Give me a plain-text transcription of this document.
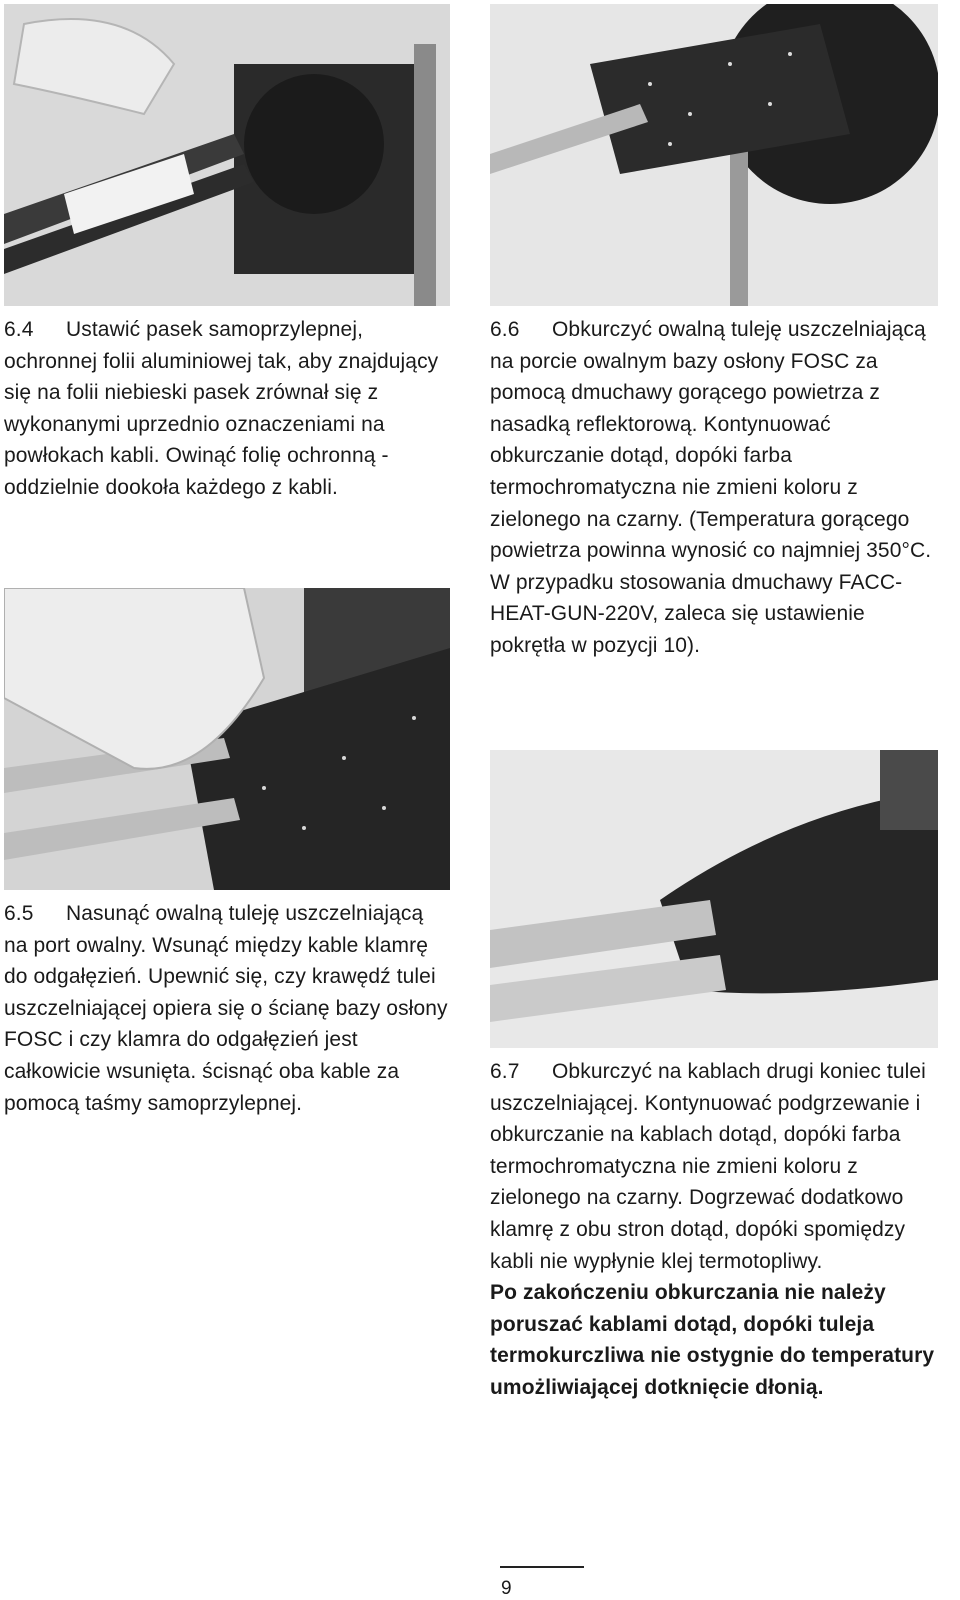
6.4 Ustawić pasek samoprzylepnej, ochronnej folii aluminiowej tak, aby znajdujący się na folii niebieski pasek zrównał się z wykonanymi uprzednio oznaczeniami na powłokach kabli. Owinąć folię ochronną - oddzielnie dookoła każdego z kabli.

6.6 Obkurczyć owalną tuleję uszczelniającą na porcie owalnym bazy osłony FOSC za pomocą dmuchawy gorącego powietrza z nasadką reflektorową. Kontynuować obkurczanie dotąd, dopóki farba termochromatyczna nie zmieni koloru z zielonego na czarny. (Temperatura gorącego powietrza powinna wynosić co najmniej 350°C. W przypadku stosowania dmuchawy FACC-HEAT-GUN-220V, zaleca się ustawienie pokrętła w pozycji 10).

6.5 Nasunąć owalną tuleję uszczelniającą na port owalny. Wsunąć między kable klamrę do odgałęzień. Upewnić się, czy krawędź tulei uszczelniającej opiera się o ścianę bazy osłony FOSC i czy klamra do odgałęzień jest całkowicie wsunięta. ścisnąć oba kable za pomocą taśmy samoprzylepnej.

6.7 Obkurczyć na kablach drugi koniec tulei uszczelniającej. Kontynuować podgrzewanie i obkurczanie na kablach dotąd, dopóki farba termochromatyczna nie zmieni koloru z zielonego na czarny. Dogrzewać dodatkowo klamrę z obu stron dotąd, dopóki spomiędzy kabli nie wypłynie klej termotopliwy.
Po zakończeniu obkurczania nie należy poruszać kablami dotąd, dopóki tuleja termokurczliwa nie ostygnie do temperatury umożliwiającej dotknięcie dłonią.

9
